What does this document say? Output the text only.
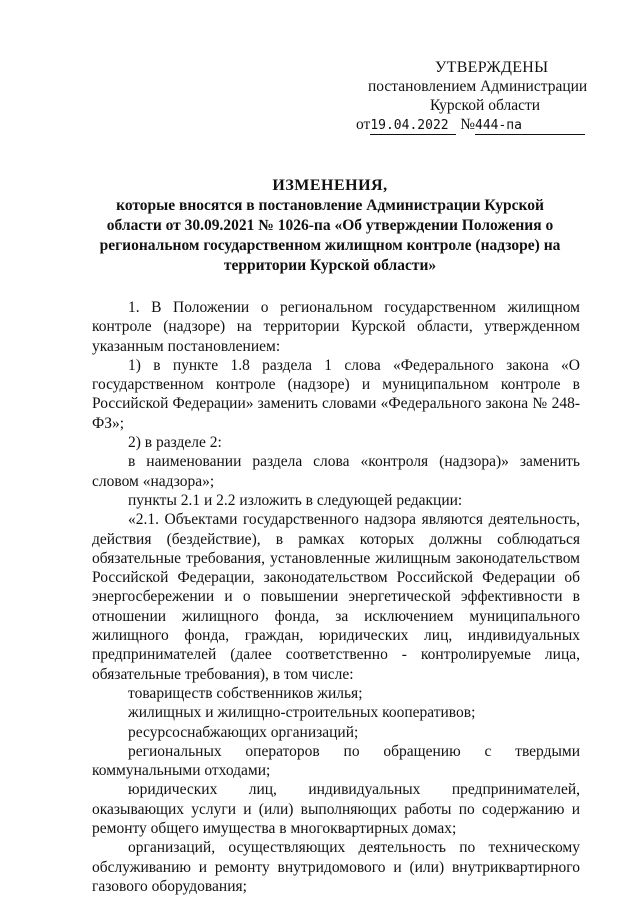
УТВЕРЖДЕНЫ
постановлением Администрации
Курской области
от19.04.2022 №444-па
ИЗМЕНЕНИЯ,
которые вносятся в постановление Администрации Курской области от 30.09.2021 № 1026-па «Об утверждении Положения о региональном государственном жилищном контроле (надзоре) на территории Курской области»

1. В Положении о региональном государственном жилищном контроле (надзоре) на территории Курской области, утвержденном указанным постановлением:

1) в пункте 1.8 раздела 1 слова «Федерального закона «О государственном контроле (надзоре) и муниципальном контроле в Российской Федерации» заменить словами «Федерального закона № 248-ФЗ»;

2) в разделе 2:

в наименовании раздела слова «контроля (надзора)» заменить словом «надзора»;

пункты 2.1 и 2.2 изложить в следующей редакции:

«2.1. Объектами государственного надзора являются деятельность, действия (бездействие), в рамках которых должны соблюдаться обязательные требования, установленные жилищным законодательством Российской Федерации, законодательством Российской Федерации об энергосбережении и о повышении энергетической эффективности в отношении жилищного фонда, за исключением муниципального жилищного фонда, граждан, юридических лиц, индивидуальных предпринимателей (далее соответственно - контролируемые лица, обязательные требования), в том числе:

товариществ собственников жилья;

жилищных и жилищно-строительных кооперативов;

ресурсоснабжающих организаций;

региональных операторов по обращению с твердыми коммунальными отходами;

юридических лиц, индивидуальных предпринимателей, оказывающих услуги и (или) выполняющих работы по содержанию и ремонту общего имущества в многоквартирных домах;

организаций, осуществляющих деятельность по техническому обслуживанию и ремонту внутридомового и (или) внутриквартирного газового оборудования;
